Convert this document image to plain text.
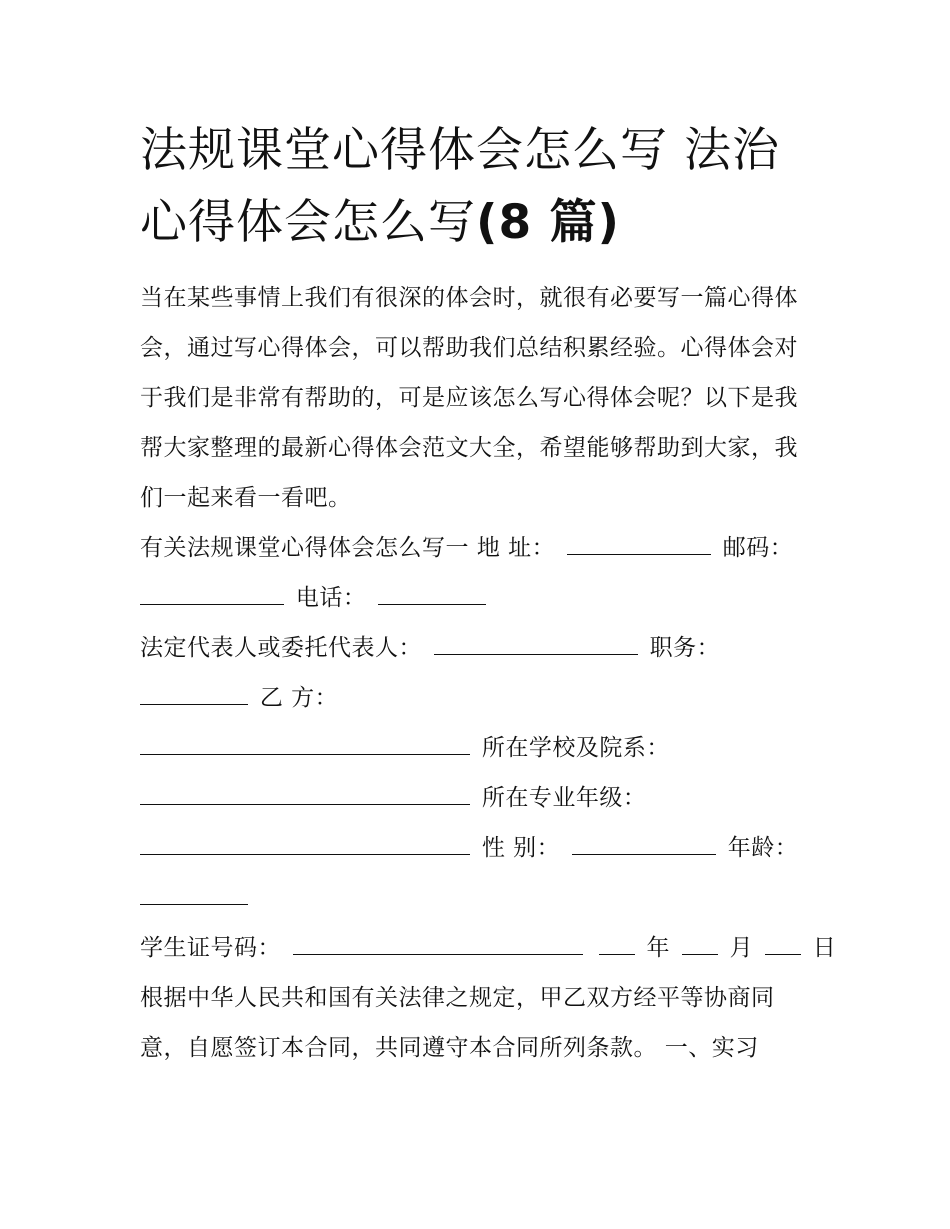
法规课堂心得体会怎么写 法治
心得体会怎么写(8 篇)

当在某些事情上我们有很深的体会时，就很有必要写一篇心得体会，通过写心得体会，可以帮助我们总结积累经验。心得体会对于我们是非常有帮助的，可是应该怎么写心得体会呢？以下是我帮大家整理的最新心得体会范文大全，希望能够帮助到大家，我们一起来看一看吧。

有关法规课堂心得体会怎么写一 地 址：	邮码：
电话：
法定代表人或委托代表人：	职务：
乙 方：
所在学校及院系：
所在专业年级：
性 别：	年龄：
学生证号码：	年	月	日
根据中华人民共和国有关法律之规定，甲乙双方经平等协商同
意，自愿签订本合同，共同遵守本合同所列条款。 一、实习
